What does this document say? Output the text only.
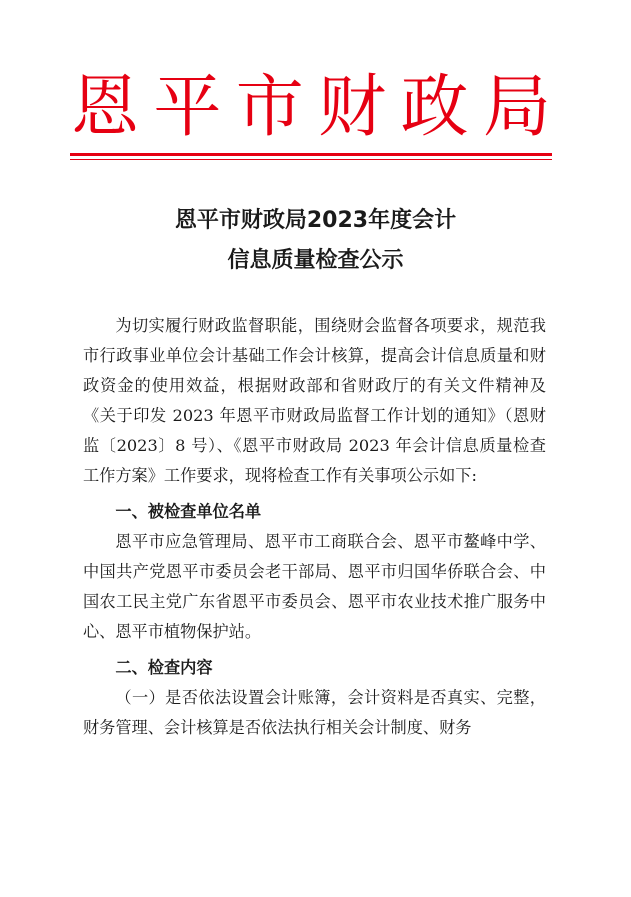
恩 平 市 财 政 局
恩平市财政局2023年度会计
信息质量检查公示

为切实履行财政监督职能，围绕财会监督各项要求，规范我市行政事业单位会计基础工作会计核算，提高会计信息质量和财政资金的使用效益，根据财政部和省财政厅的有关文件精神及《关于印发 2023 年恩平市财政局监督工作计划的通知》（恩财监〔2023〕8 号）、《恩平市财政局 2023 年会计信息质量检查工作方案》工作要求，现将检查工作有关事项公示如下:

一、被检查单位名单

恩平市应急管理局、恩平市工商联合会、恩平市鳌峰中学、中国共产党恩平市委员会老干部局、恩平市归国华侨联合会、中国农工民主党广东省恩平市委员会、恩平市农业技术推广服务中心、恩平市植物保护站。

二、检查内容

（一）是否依法设置会计账簿，会计资料是否真实、完整，财务管理、会计核算是否依法执行相关会计制度、财务
